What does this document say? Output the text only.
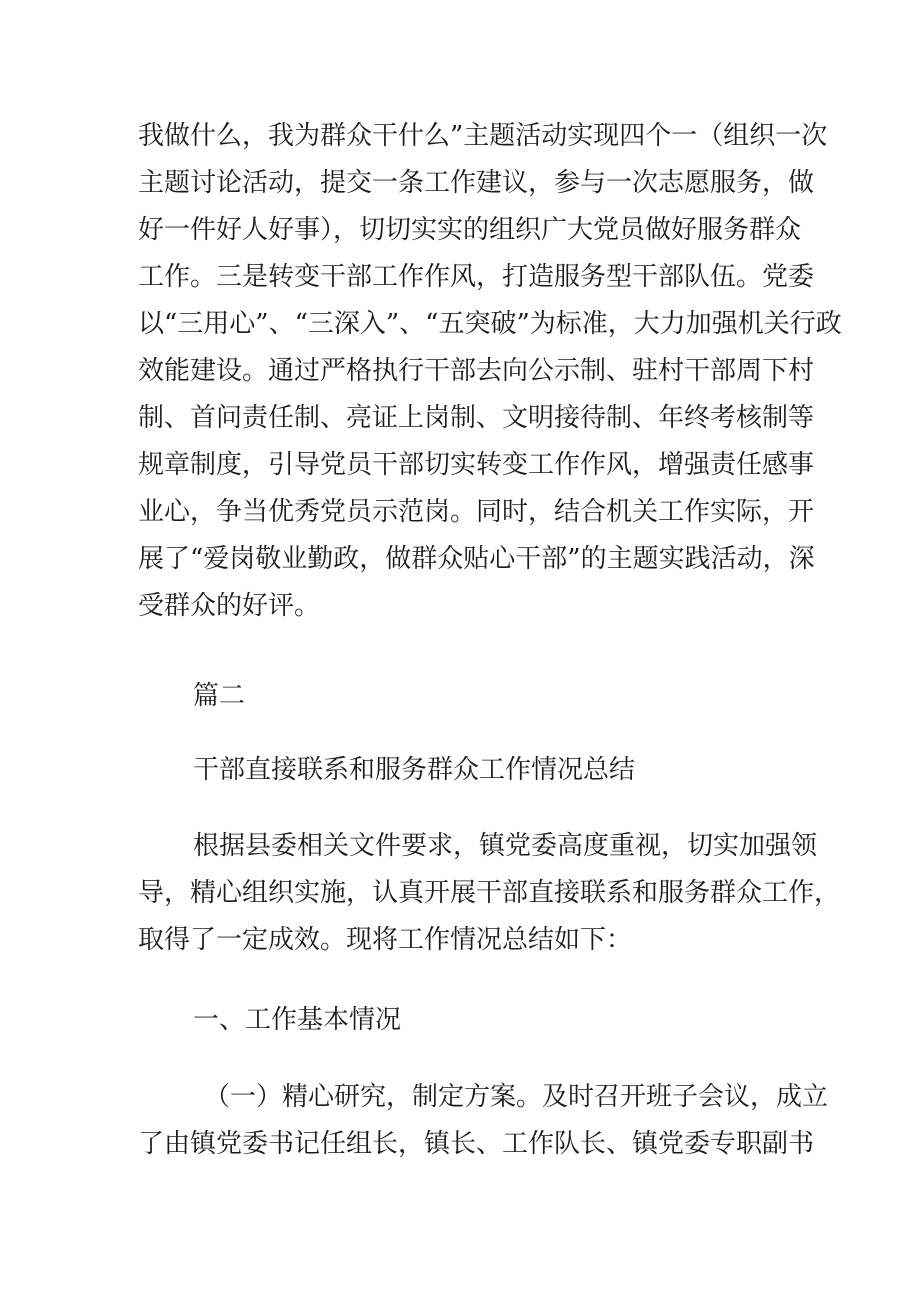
我做什么，我为群众干什么”主题活动实现四个一（组织一次
主题讨论活动，提交一条工作建议，参与一次志愿服务，做
好一件好人好事），切切实实的组织广大党员做好服务群众
工作。三是转变干部工作作风，打造服务型干部队伍。党委
以“三用心”、“三深入”、“五突破”为标准，大力加强机关行政
效能建设。通过严格执行干部去向公示制、驻村干部周下村
制、首问责任制、亮证上岗制、文明接待制、年终考核制等
规章制度，引导党员干部切实转变工作作风，增强责任感事
业心，争当优秀党员示范岗。同时，结合机关工作实际，开
展了“爱岗敬业勤政，做群众贴心干部”的主题实践活动，深
受群众的好评。
篇二
干部直接联系和服务群众工作情况总结
根据县委相关文件要求，镇党委高度重视，切实加强领
导，精心组织实施，认真开展干部直接联系和服务群众工作，
取得了一定成效。现将工作情况总结如下：
一、工作基本情况
（一）精心研究，制定方案。及时召开班子会议，成立
了由镇党委书记任组长，镇长、工作队长、镇党委专职副书
